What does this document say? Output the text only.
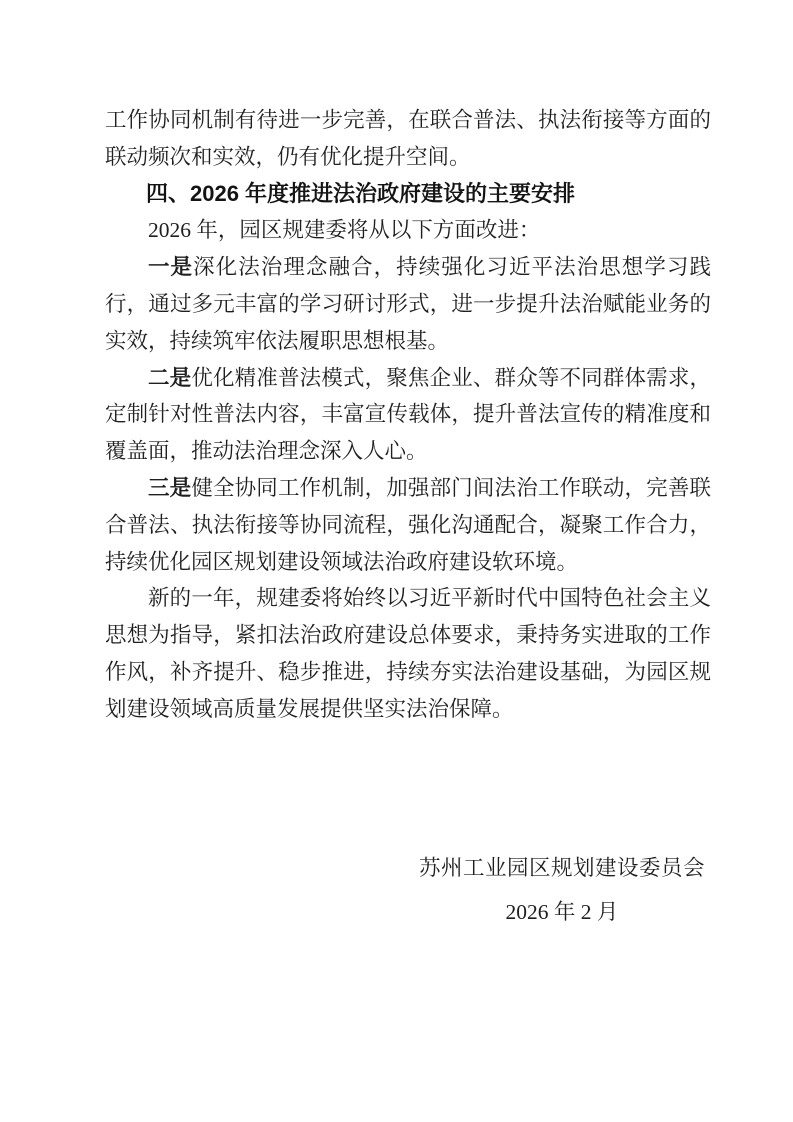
工作协同机制有待进一步完善，在联合普法、执法衔接等方面的联动频次和实效，仍有优化提升空间。

四、2026 年度推进法治政府建设的主要安排

2026 年，园区规建委将从以下方面改进：

一是深化法治理念融合，持续强化习近平法治思想学习践行，通过多元丰富的学习研讨形式，进一步提升法治赋能业务的实效，持续筑牢依法履职思想根基。

二是优化精准普法模式，聚焦企业、群众等不同群体需求，定制针对性普法内容，丰富宣传载体，提升普法宣传的精准度和覆盖面，推动法治理念深入人心。

三是健全协同工作机制，加强部门间法治工作联动，完善联合普法、执法衔接等协同流程，强化沟通配合，凝聚工作合力，持续优化园区规划建设领域法治政府建设软环境。

新的一年，规建委将始终以习近平新时代中国特色社会主义思想为指导，紧扣法治政府建设总体要求，秉持务实进取的工作作风，补齐提升、稳步推进，持续夯实法治建设基础，为园区规划建设领域高质量发展提供坚实法治保障。

苏州工业园区规划建设委员会
2026 年 2 月
